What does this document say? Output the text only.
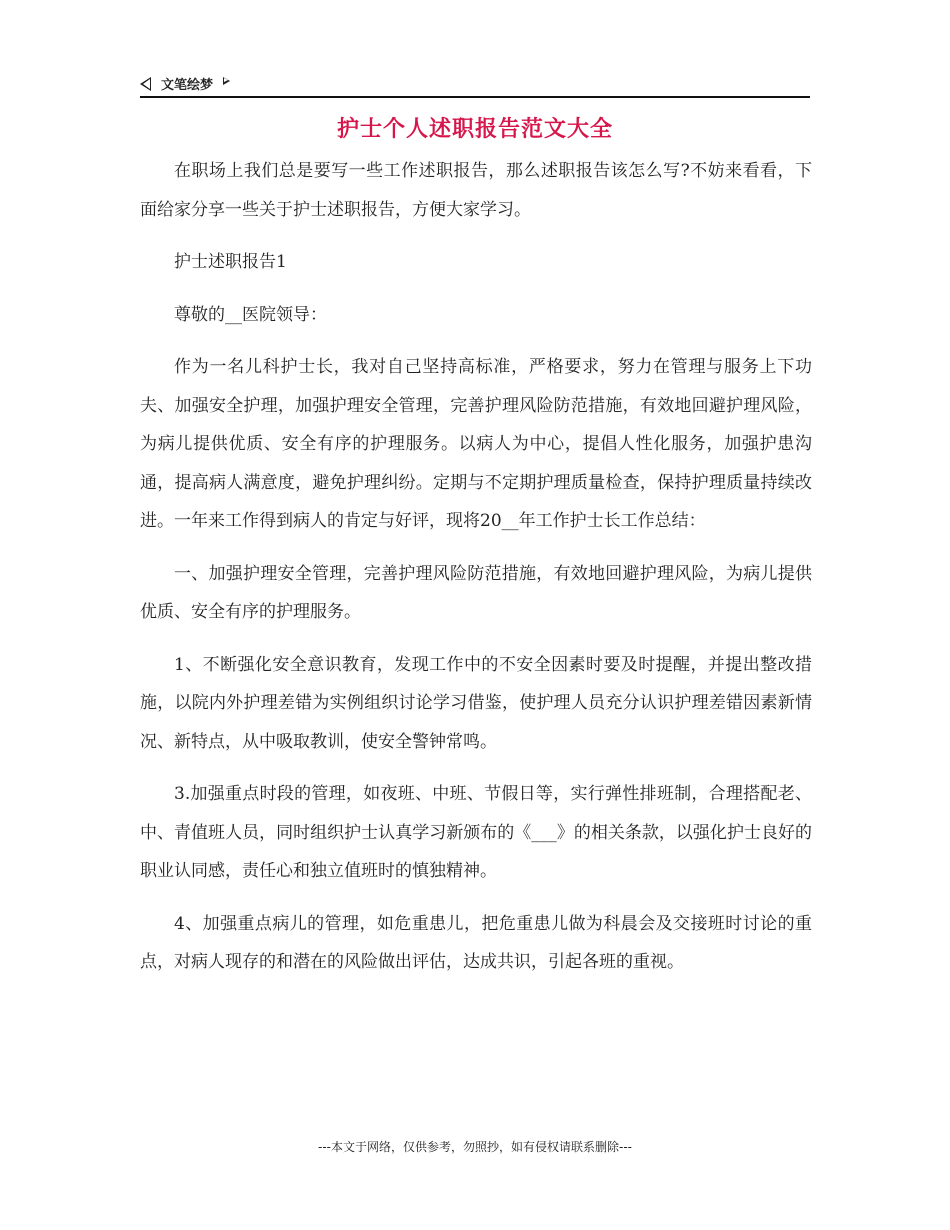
文笔绘梦
护士个人述职报告范文大全

在职场上我们总是要写一些工作述职报告，那么述职报告该怎么写?不妨来看看，下面给家分享一些关于护士述职报告，方便大家学习。

护士述职报告1

尊敬的__医院领导：

作为一名儿科护士长，我对自己坚持高标准，严格要求，努力在管理与服务上下功夫、加强安全护理，加强护理安全管理，完善护理风险防范措施，有效地回避护理风险，为病儿提供优质、安全有序的护理服务。以病人为中心，提倡人性化服务，加强护患沟通，提高病人满意度，避免护理纠纷。定期与不定期护理质量检查，保持护理质量持续改进。一年来工作得到病人的肯定与好评，现将20__年工作护士长工作总结：

一、加强护理安全管理，完善护理风险防范措施，有效地回避护理风险，为病儿提供优质、安全有序的护理服务。

1、不断强化安全意识教育，发现工作中的不安全因素时要及时提醒，并提出整改措施，以院内外护理差错为实例组织讨论学习借鉴，使护理人员充分认识护理差错因素新情况、新特点，从中吸取教训，使安全警钟常鸣。

3.加强重点时段的管理，如夜班、中班、节假日等，实行弹性排班制，合理搭配老、中、青值班人员，同时组织护士认真学习新颁布的《___》的相关条款，以强化护士良好的职业认同感，责任心和独立值班时的慎独精神。

4、加强重点病儿的管理，如危重患儿，把危重患儿做为科晨会及交接班时讨论的重点，对病人现存的和潜在的风险做出评估，达成共识，引起各班的重视。

---本文于网络，仅供参考，勿照抄，如有侵权请联系删除---
